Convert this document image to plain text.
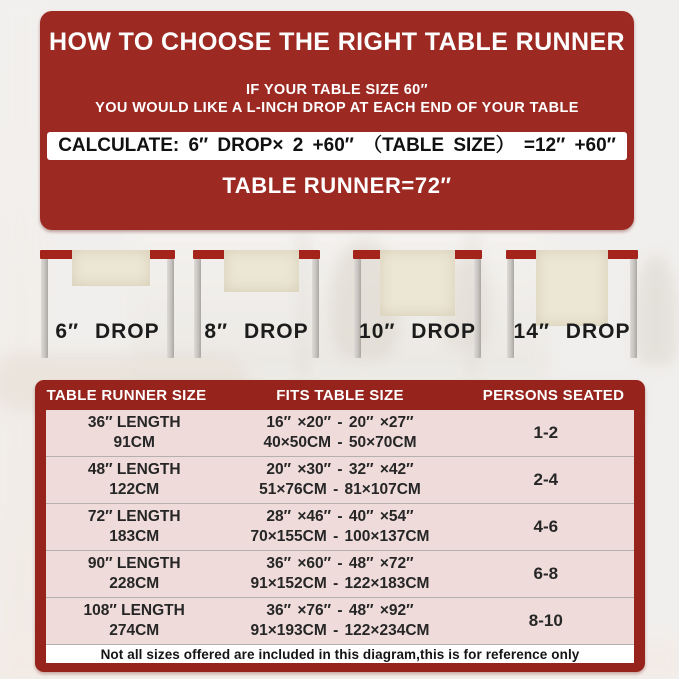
HOW TO CHOOSE THE RIGHT TABLE RUNNER
IF YOUR TABLE SIZE 60″
YOU WOULD LIKE A L-INCH DROP AT EACH END OF YOUR TABLE
CALCULATE: 6″ DROP× 2 +60″ （TABLE SIZE） =12″ +60″
TABLE RUNNER=72″
6″ DROP 8″ DROP 10″ DROP 14″ DROP
TABLE RUNNER SIZE	FITS TABLE SIZE	PERSONS SEATED
36″ LENGTH
91CM
16″ ×20″ - 20″ ×27″
40×50CM - 50×70CM
1-2
48″ LENGTH
122CM
20″ ×30″ - 32″ ×42″
51×76CM - 81×107CM
2-4
72″ LENGTH
183CM
28″ ×46″ - 40″ ×54″
70×155CM - 100×137CM
4-6
90″ LENGTH
228CM
36″ ×60″ - 48″ ×72″
91×152CM - 122×183CM
6-8
108″ LENGTH
274CM
36″ ×76″ - 48″ ×92″
91×193CM - 122×234CM
8-10
Not all sizes offered are included in this diagram,this is for reference only
